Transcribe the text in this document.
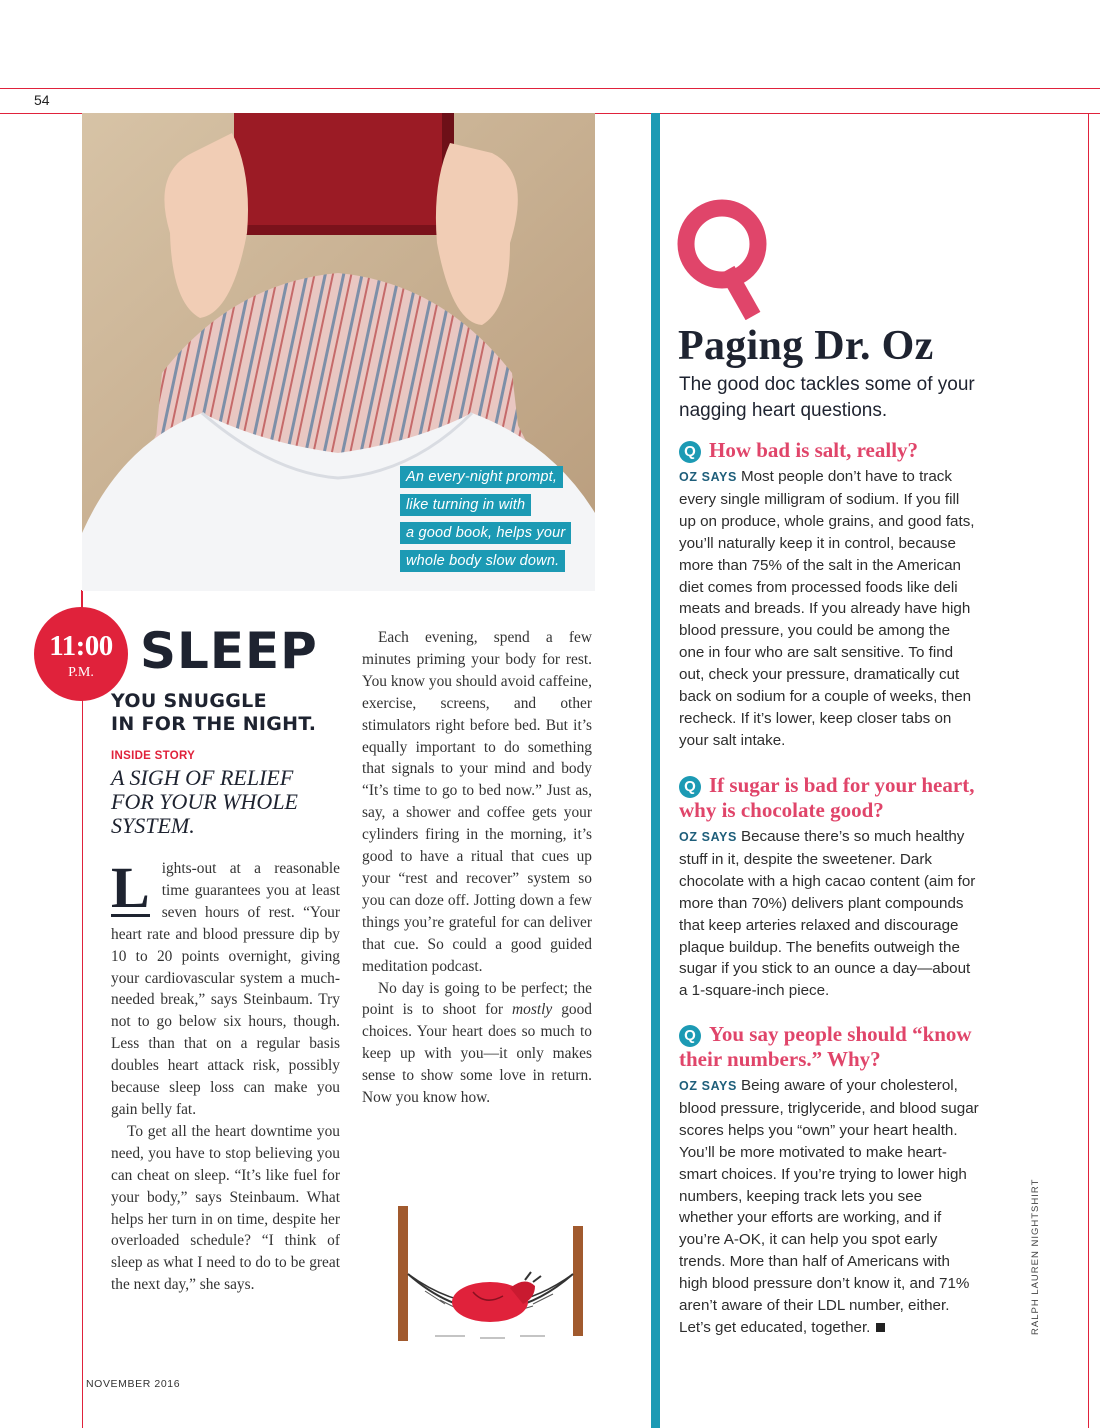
54
An every-night prompt,
like turning in with
a good book, helps your
whole body slow down.
11:00
P.M. SLEEP
YOU SNUGGLE
IN FOR THE NIGHT.
INSIDE STORY
A SIGH OF RELIEF FOR YOUR WHOLE SYSTEM.

L ights-out at a reasonable time guarantees you at least seven hours of rest. “Your heart rate and blood pressure dip by 10 to 20 points overnight, giving your cardiovascular system a much-needed break,” says Steinbaum. Try not to go below six hours, though. Less than that on a regular basis doubles heart attack risk, possibly because sleep loss can make you gain belly fat.

To get all the heart downtime you need, you have to stop believing you can cheat on sleep. “It’s like fuel for your body,” says Steinbaum. What helps her turn in on time, despite her overloaded schedule? “I think of sleep as what I need to do to be great the next day,” she says.

Each evening, spend a few minutes priming your body for rest. You know you should avoid caffeine, exercise, screens, and other stimulators right before bed. But it’s equally important to do something that signals to your mind and body “It’s time to go to bed now.” Just as, say, a shower and coffee gets your cylinders firing in the morning, it’s good to have a ritual that cues up your “rest and recover” system so you can doze off. Jotting down a few things you’re grateful for can deliver that cue. So could a good guided meditation podcast.

No day is going to be perfect; the point is to shoot for mostly good choices. Your heart does so much to keep up with you—it only makes sense to show some love in return. Now you know how.

NOVEMBER 2016
RALPH LAUREN NIGHTSHIRT
Paging Dr. Oz
The good doc tackles some of your nagging heart questions.
Q How bad is salt, really?
OZ SAYS Most people don’t have to track every single milligram of sodium. If you fill up on produce, whole grains, and good fats, you’ll naturally keep it in control, because more than 75% of the salt in the American diet comes from processed foods like deli meats and breads. If you already have high blood pressure, you could be among the one in four who are salt sensitive. To find out, check your pressure, dramatically cut back on sodium for a couple of weeks, then recheck. If it’s lower, keep closer tabs on your salt intake.
Q If sugar is bad for your heart, why is chocolate good?
OZ SAYS Because there’s so much healthy stuff in it, despite the sweetener. Dark chocolate with a high cacao content (aim for more than 70%) delivers plant compounds that keep arteries relaxed and discourage plaque buildup. The benefits outweigh the sugar if you stick to an ounce a day—about a 1-square-inch piece.
Q You say people should “know their numbers.” Why?
OZ SAYS Being aware of your cholesterol, blood pressure, triglyceride, and blood sugar scores helps you “own” your heart health. You’ll be more motivated to make heart-smart choices. If you’re trying to lower high numbers, keeping track lets you see whether your efforts are working, and if you’re A-OK, it can help you spot early trends. More than half of Americans with high blood pressure don’t know it, and 71% aren’t aware of their LDL number, either. Let’s get educated, together.
